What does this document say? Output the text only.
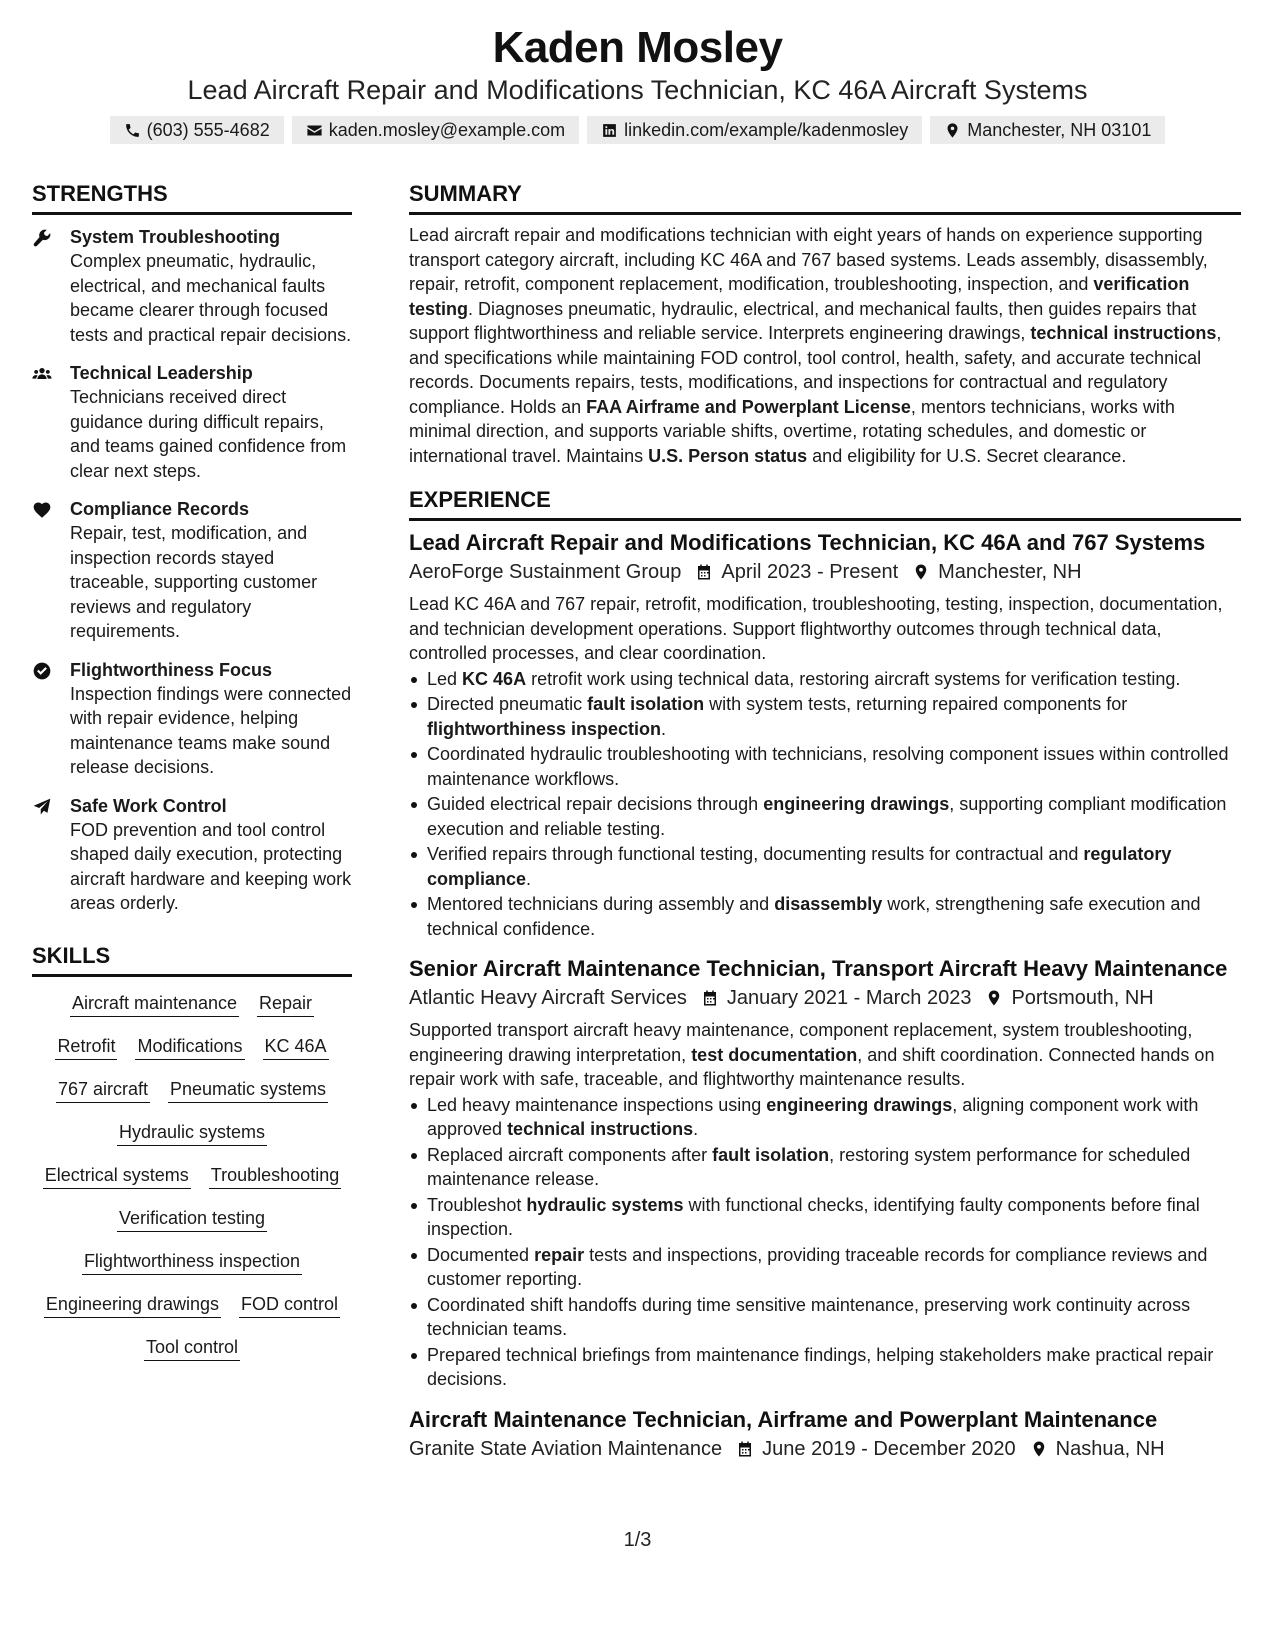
Kaden Mosley
Lead Aircraft Repair and Modifications Technician, KC 46A Aircraft Systems
(603) 555-4682	kaden.mosley@example.com	linkedin.com/example/kadenmosley	Manchester, NH 03101
STRENGTHS
System Troubleshooting
Complex pneumatic, hydraulic, electrical, and mechanical faults became clearer through focused tests and practical repair decisions.
Technical Leadership
Technicians received direct guidance during difficult repairs, and teams gained confidence from clear next steps.
Compliance Records
Repair, test, modification, and inspection records stayed traceable, supporting customer reviews and regulatory requirements.
Flightworthiness Focus
Inspection findings were connected with repair evidence, helping maintenance teams make sound release decisions.
Safe Work Control
FOD prevention and tool control shaped daily execution, protecting aircraft hardware and keeping work areas orderly.
SKILLS
Aircraft maintenance Repair
Retrofit Modifications KC 46A
767 aircraft Pneumatic systems
Hydraulic systems
Electrical systems Troubleshooting
Verification testing
Flightworthiness inspection
Engineering drawings FOD control
Tool control
SUMMARY
Lead aircraft repair and modifications technician with eight years of hands on experience supporting transport category aircraft, including KC 46A and 767 based systems. Leads assembly, disassembly, repair, retrofit, component replacement, modification, troubleshooting, inspection, and verification testing. Diagnoses pneumatic, hydraulic, electrical, and mechanical faults, then guides repairs that support flightworthiness and reliable service. Interprets engineering drawings, technical instructions, and specifications while maintaining FOD control, tool control, health, safety, and accurate technical records. Documents repairs, tests, modifications, and inspections for contractual and regulatory compliance. Holds an FAA Airframe and Powerplant License, mentors technicians, works with minimal direction, and supports variable shifts, overtime, rotating schedules, and domestic or international travel. Maintains U.S. Person status and eligibility for U.S. Secret clearance.
EXPERIENCE
Lead Aircraft Repair and Modifications Technician, KC 46A and 767 Systems
AeroForge Sustainment Group April 2023 - Present Manchester, NH
Lead KC 46A and 767 repair, retrofit, modification, troubleshooting, testing, inspection, documentation, and technician development operations. Support flightworthy outcomes through technical data, controlled processes, and clear coordination.
Led KC 46A retrofit work using technical data, restoring aircraft systems for verification testing.
Directed pneumatic fault isolation with system tests, returning repaired components for flightworthiness inspection.
Coordinated hydraulic troubleshooting with technicians, resolving component issues within controlled maintenance workflows.
Guided electrical repair decisions through engineering drawings, supporting compliant modification execution and reliable testing.
Verified repairs through functional testing, documenting results for contractual and regulatory compliance.
Mentored technicians during assembly and disassembly work, strengthening safe execution and technical confidence.
Senior Aircraft Maintenance Technician, Transport Aircraft Heavy Maintenance
Atlantic Heavy Aircraft Services January 2021 - March 2023 Portsmouth, NH
Supported transport aircraft heavy maintenance, component replacement, system troubleshooting, engineering drawing interpretation, test documentation, and shift coordination. Connected hands on repair work with safe, traceable, and flightworthy maintenance results.
Led heavy maintenance inspections using engineering drawings, aligning component work with approved technical instructions.
Replaced aircraft components after fault isolation, restoring system performance for scheduled maintenance release.
Troubleshot hydraulic systems with functional checks, identifying faulty components before final inspection.
Documented repair tests and inspections, providing traceable records for compliance reviews and customer reporting.
Coordinated shift handoffs during time sensitive maintenance, preserving work continuity across technician teams.
Prepared technical briefings from maintenance findings, helping stakeholders make practical repair decisions.
Aircraft Maintenance Technician, Airframe and Powerplant Maintenance
Granite State Aviation Maintenance June 2019 - December 2020 Nashua, NH
1/3
